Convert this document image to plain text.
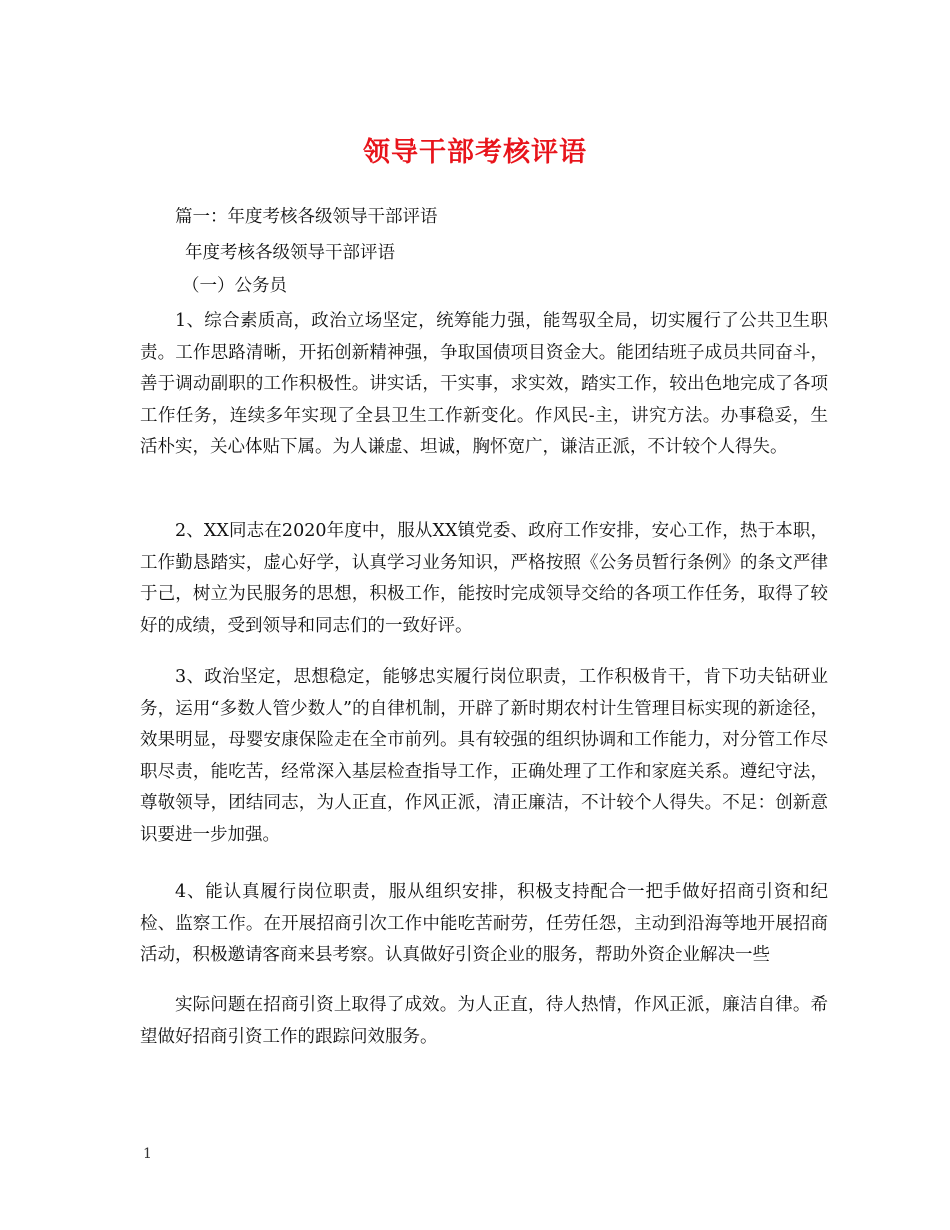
领导干部考核评语
篇一：年度考核各级领导干部评语
年度考核各级领导干部评语
（一）公务员

1、综合素质高，政治立场坚定，统筹能力强，能驾驭全局，切实履行了公共卫生职责。工作思路清晰，开拓创新精神强，争取国债项目资金大。能团结班子成员共同奋斗，善于调动副职的工作积极性。讲实话，干实事，求实效，踏实工作，较出色地完成了各项工作任务，连续多年实现了全县卫生工作新变化。作风民-主，讲究方法。办事稳妥，生活朴实，关心体贴下属。为人谦虚、坦诚，胸怀宽广，谦洁正派，不计较个人得失。

2、XX同志在2020年度中，服从XX镇党委、政府工作安排，安心工作，热于本职，工作勤恳踏实，虚心好学，认真学习业务知识，严格按照《公务员暂行条例》的条文严律于己，树立为民服务的思想，积极工作，能按时完成领导交给的各项工作任务，取得了较好的成绩，受到领导和同志们的一致好评。

3、政治坚定，思想稳定，能够忠实履行岗位职责，工作积极肯干，肯下功夫钻研业务，运用“多数人管少数人”的自律机制，开辟了新时期农村计生管理目标实现的新途径，效果明显，母婴安康保险走在全市前列。具有较强的组织协调和工作能力，对分管工作尽职尽责，能吃苦，经常深入基层检查指导工作，正确处理了工作和家庭关系。遵纪守法，尊敬领导，团结同志，为人正直，作风正派，清正廉洁，不计较个人得失。不足：创新意识要进一步加强。

4、能认真履行岗位职责，服从组织安排，积极支持配合一把手做好招商引资和纪检、监察工作。在开展招商引次工作中能吃苦耐劳，任劳任怨，主动到沿海等地开展招商活动，积极邀请客商来县考察。认真做好引资企业的服务，帮助外资企业解决一些

实际问题在招商引资上取得了成效。为人正直，待人热情，作风正派，廉洁自律。希望做好招商引资工作的跟踪问效服务。

1
